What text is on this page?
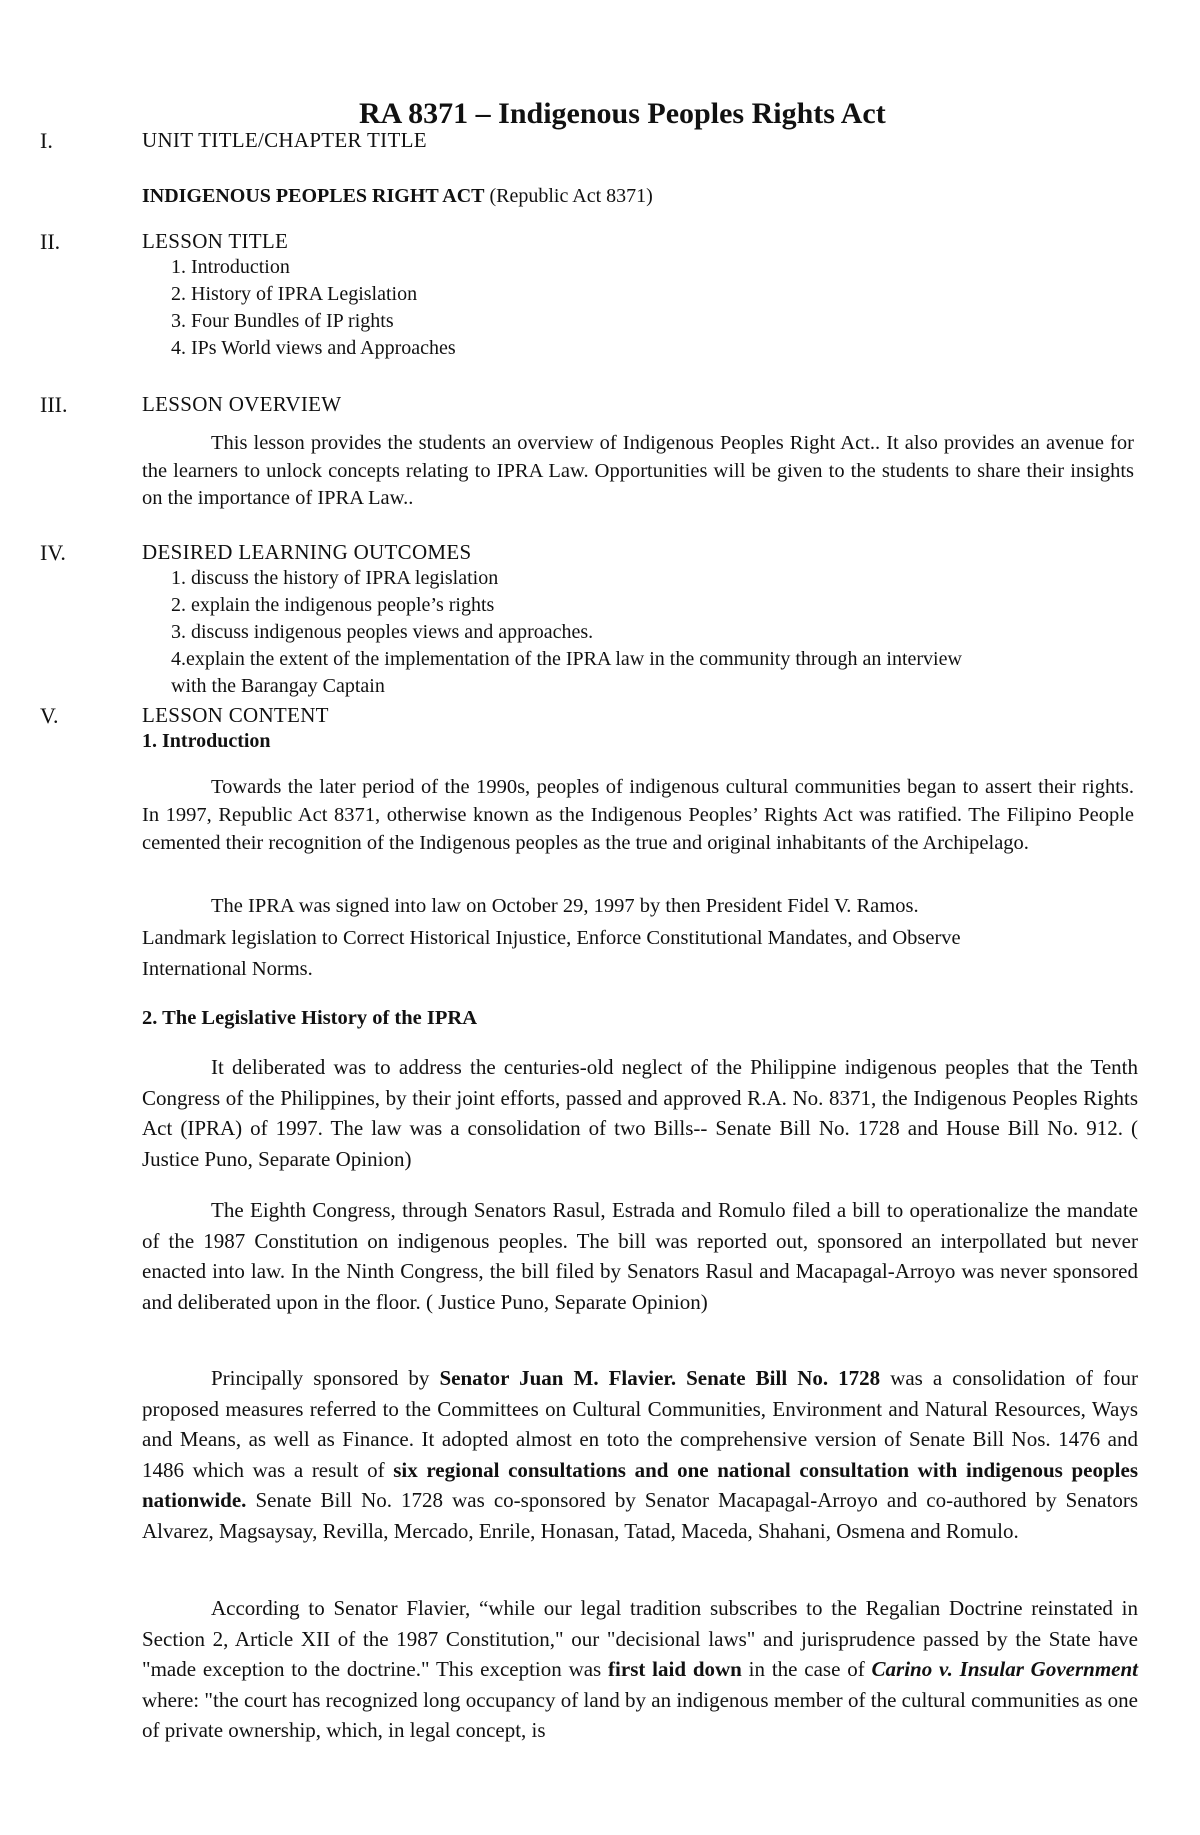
RA 8371 – Indigenous Peoples Rights Act
I.	UNIT TITLE/CHAPTER TITLE
INDIGENOUS PEOPLES RIGHT ACT (Republic Act 8371)
II.	LESSON TITLE
1. Introduction
2. History of IPRA Legislation
3. Four Bundles of IP rights
4. IPs World views and Approaches
III.	LESSON OVERVIEW
This lesson provides the students an overview of Indigenous Peoples Right Act.. It also provides an avenue for the learners to unlock concepts relating to IPRA Law. Opportunities will be given to the students to share their insights on the importance of IPRA Law..
IV.	DESIRED LEARNING OUTCOMES
1. discuss the history of IPRA legislation
2. explain the indigenous people’s rights
3. discuss indigenous peoples views and approaches.
4.explain the extent of the implementation of the IPRA law in the community through an interview
with the Barangay Captain
V.	LESSON CONTENT
1. Introduction
Towards the later period of the 1990s, peoples of indigenous cultural communities began to assert their rights. In 1997, Republic Act 8371, otherwise known as the Indigenous Peoples’ Rights Act was ratified. The Filipino People cemented their recognition of the Indigenous peoples as the true and original inhabitants of the Archipelago.
The IPRA was signed into law on October 29, 1997 by then President Fidel V. Ramos.
Landmark legislation to Correct Historical Injustice, Enforce Constitutional Mandates, and Observe
International Norms.
2. The Legislative History of the IPRA
It deliberated was to address the centuries-old neglect of the Philippine indigenous peoples that the Tenth Congress of the Philippines, by their joint efforts, passed and approved R.A. No. 8371, the Indigenous Peoples Rights Act (IPRA) of 1997. The law was a consolidation of two Bills-- Senate Bill No. 1728 and House Bill No. 912. ( Justice Puno, Separate Opinion)
The Eighth Congress, through Senators Rasul, Estrada and Romulo filed a bill to operationalize the mandate of the 1987 Constitution on indigenous peoples. The bill was reported out, sponsored an interpollated but never enacted into law. In the Ninth Congress, the bill filed by Senators Rasul and Macapagal-Arroyo was never sponsored and deliberated upon in the floor. ( Justice Puno, Separate Opinion)
Principally sponsored by Senator Juan M. Flavier. Senate Bill No. 1728 was a consolidation of four proposed measures referred to the Committees on Cultural Communities, Environment and Natural Resources, Ways and Means, as well as Finance. It adopted almost en toto the comprehensive version of Senate Bill Nos. 1476 and 1486 which was a result of six regional consultations and one national consultation with indigenous peoples nationwide. Senate Bill No. 1728 was co-sponsored by Senator Macapagal-Arroyo and co-authored by Senators Alvarez, Magsaysay, Revilla, Mercado, Enrile, Honasan, Tatad, Maceda, Shahani, Osmena and Romulo.
According to Senator Flavier, “while our legal tradition subscribes to the Regalian Doctrine reinstated in Section 2, Article XII of the 1987 Constitution," our "decisional laws" and jurisprudence passed by the State have "made exception to the doctrine." This exception was first laid down in the case of Carino v. Insular Government where: "the court has recognized long occupancy of land by an indigenous member of the cultural communities as one of private ownership, which, in legal concept, is
